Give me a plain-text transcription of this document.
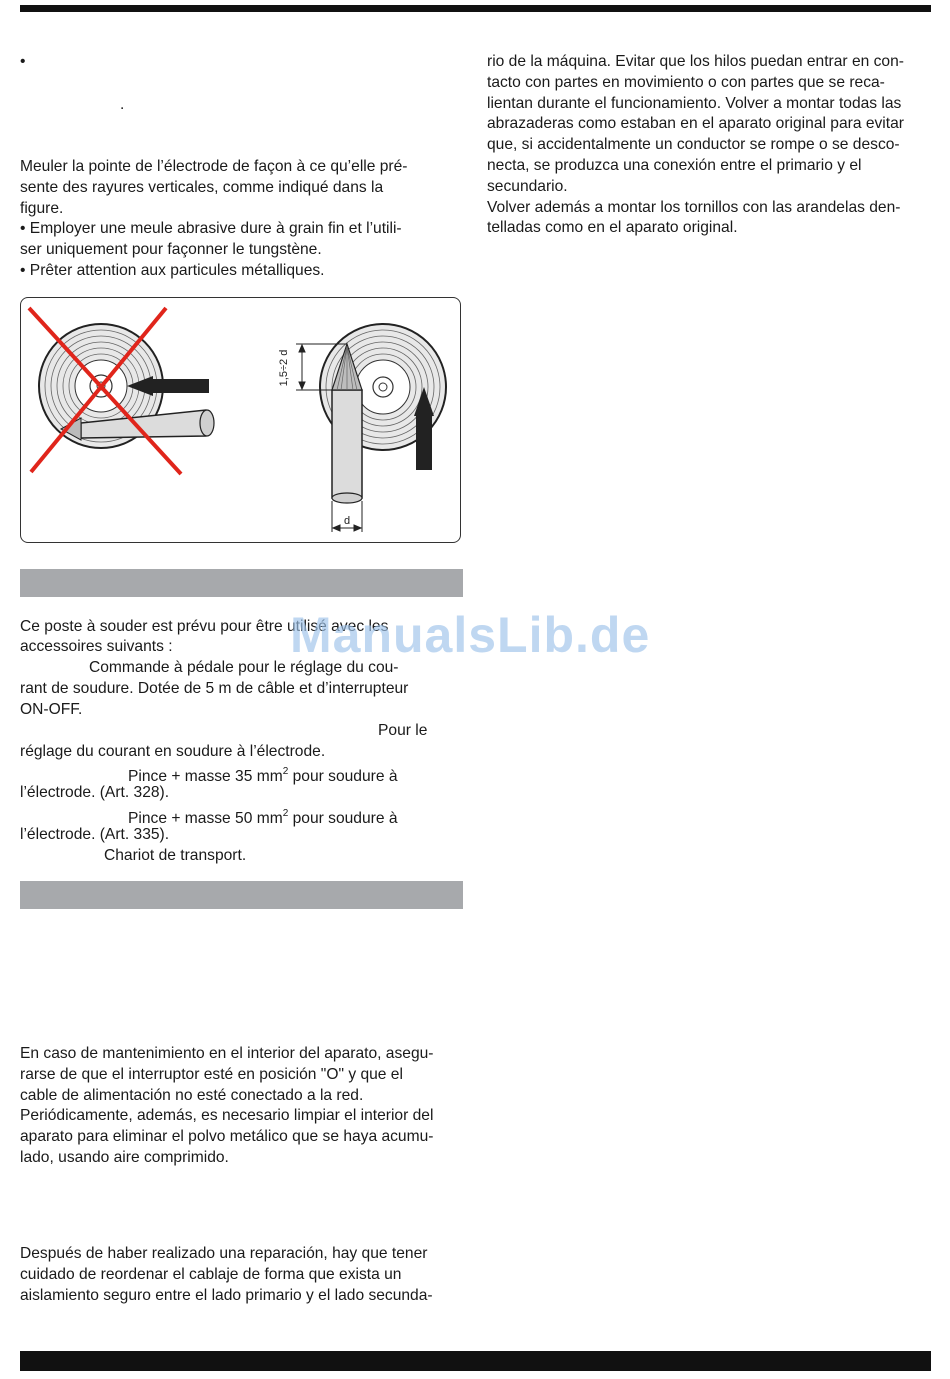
•
.
Meuler la pointe de l’électrode de façon à ce qu’elle pré-
sente des rayures verticales, comme indiqué dans la
figure.
• Employer une meule abrasive dure à grain fin et l’utili-
ser uniquement pour façonner le tungstène.
• Prêter attention aux particules métalliques.
1,5÷2 d
d
Ce poste à souder est prévu pour être utilisé avec les
accessoires suivants :
Commande à pédale pour le réglage du cou-
rant de soudure. Dotée de 5 m de câble et d’interrupteur
ON-OFF.
Pour le
réglage du courant en soudure à l’électrode.
Pince + masse 35 $mm^2$ pour soudure à
l’électrode. (Art. 328).
Pince + masse 50 $mm^2$ pour soudure à
l’électrode. (Art. 335).
Chariot de transport.
En caso de mantenimiento en el interior del aparato, asegu-
rarse de que el interruptor esté en posición "O" y que el
cable de alimentación no esté conectado a la red.
Periódicamente, además, es necesario limpiar el interior del
aparato para eliminar el polvo metálico que se haya acumu-
lado, usando aire comprimido.
Después de haber realizado una reparación, hay que tener
cuidado de reordenar el cablaje de forma que exista un
aislamiento seguro entre el lado primario y el lado secunda-
rio de la máquina. Evitar que los hilos puedan entrar en con-
tacto con partes en movimiento o con partes que se reca-
lientan durante el funcionamiento. Volver a montar todas las
abrazaderas como estaban en el aparato original para evitar
que, si accidentalmente un conductor se rompe o se desco-
necta, se produzca una conexión entre el primario y el
secundario.
Volver además a montar los tornillos con las arandelas den-
telladas como en el aparato original.
ManualsLib.de
